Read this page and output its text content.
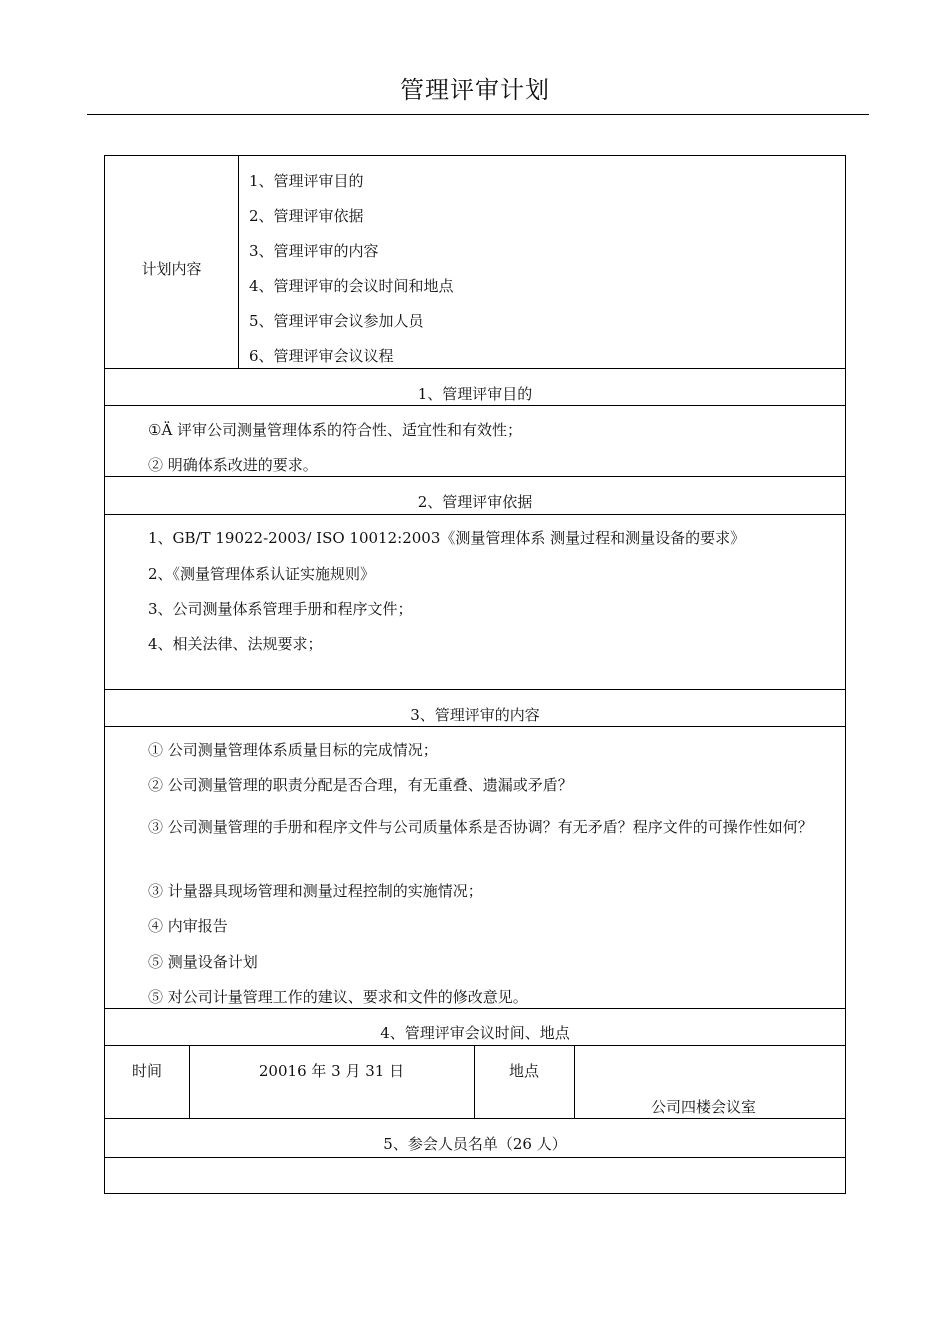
管理评审计划
计划内容
1、管理评审目的
2、管理评审依据
3、管理评审的内容
4、管理评审的会议时间和地点
5、管理评审会议参加人员
6、管理评审会议议程
1、管理评审目的
①Ä 评审公司测量管理体系的符合性、适宜性和有效性；
② 明确体系改进的要求。
2、管理评审依据
1、GB/T 19022-2003/ ISO 10012:2003《测量管理体系 测量过程和测量设备的要求》
2、《测量管理体系认证实施规则》
3、公司测量体系管理手册和程序文件；
4、相关法律、法规要求；
3、管理评审的内容
① 公司测量管理体系质量目标的完成情况；
② 公司测量管理的职责分配是否合理，有无重叠、遗漏或矛盾？
③ 公司测量管理的手册和程序文件与公司质量体系是否协调？有无矛盾？程序文件的可操作性如何？
③ 计量器具现场管理和测量过程控制的实施情况；
④ 内审报告
⑤ 测量设备计划
⑤ 对公司计量管理工作的建议、要求和文件的修改意见。
4、管理评审会议时间、地点
时间	20016 年 3 月 31 日	地点
公司四楼会议室
5、参会人员名单（26 人）
